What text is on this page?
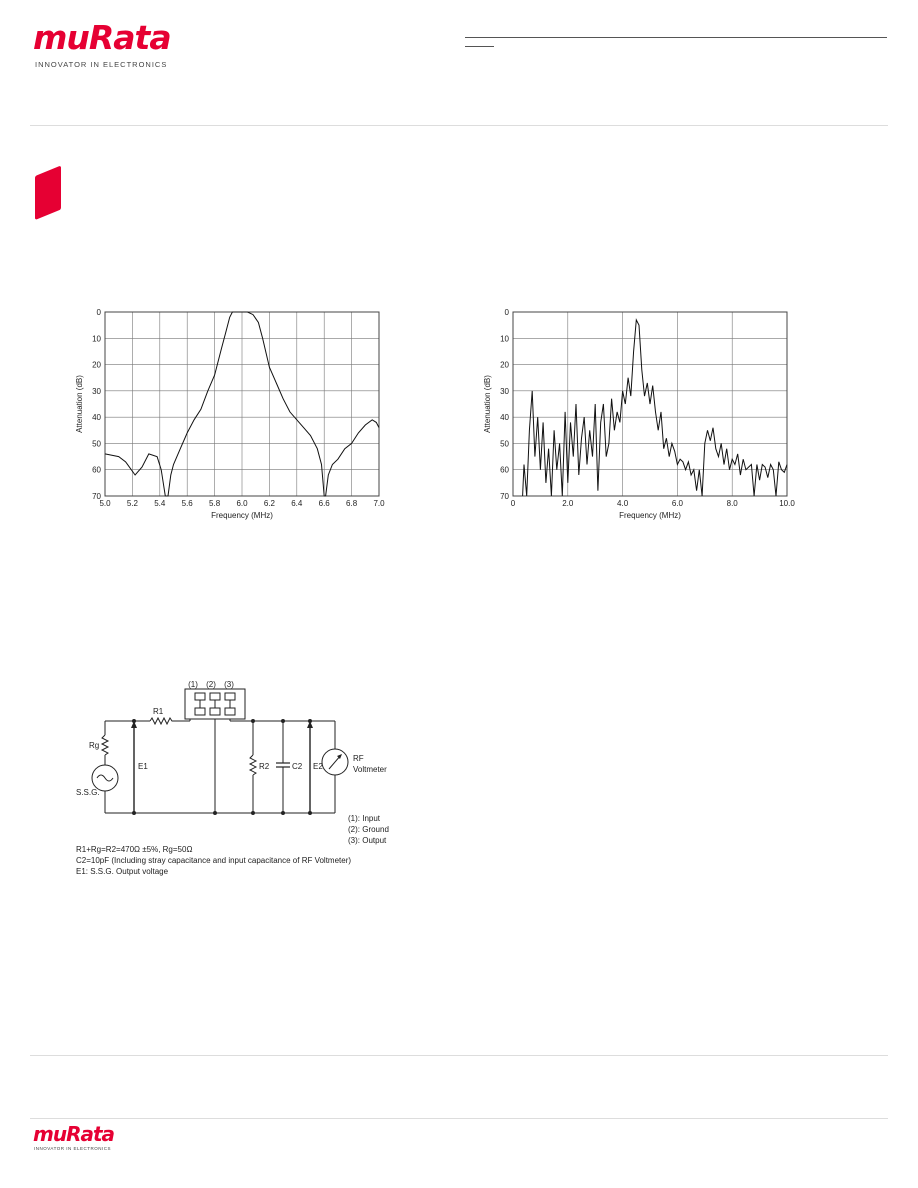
muRata
INNOVATOR IN ELECTRONICS
5.0 5.2 5.4 5.6 5.8 6.0 6.2 6.4 6.6 6.8 7.0
0
10
20
30
40
50
60
70
Frequency (MHz)
Attenuation (dB)
0	2.0	4.0	6.0	8.0	10.0
0
10
20
30
40
50
60
70
Frequency (MHz)
Attenuation (dB)
(1) (2) (3)
R1
Rg
E1	R2	C2 E2
S.S.G.
RF
Voltmeter
(1): Input
(2): Ground
(3): Output
R1+Rg=R2=470Ω ±5%, Rg=50Ω
C2=10pF (Including stray capacitance and input capacitance of RF Voltmeter)
E1: S.S.G. Output voltage
muRata
INNOVATOR IN ELECTRONICS
